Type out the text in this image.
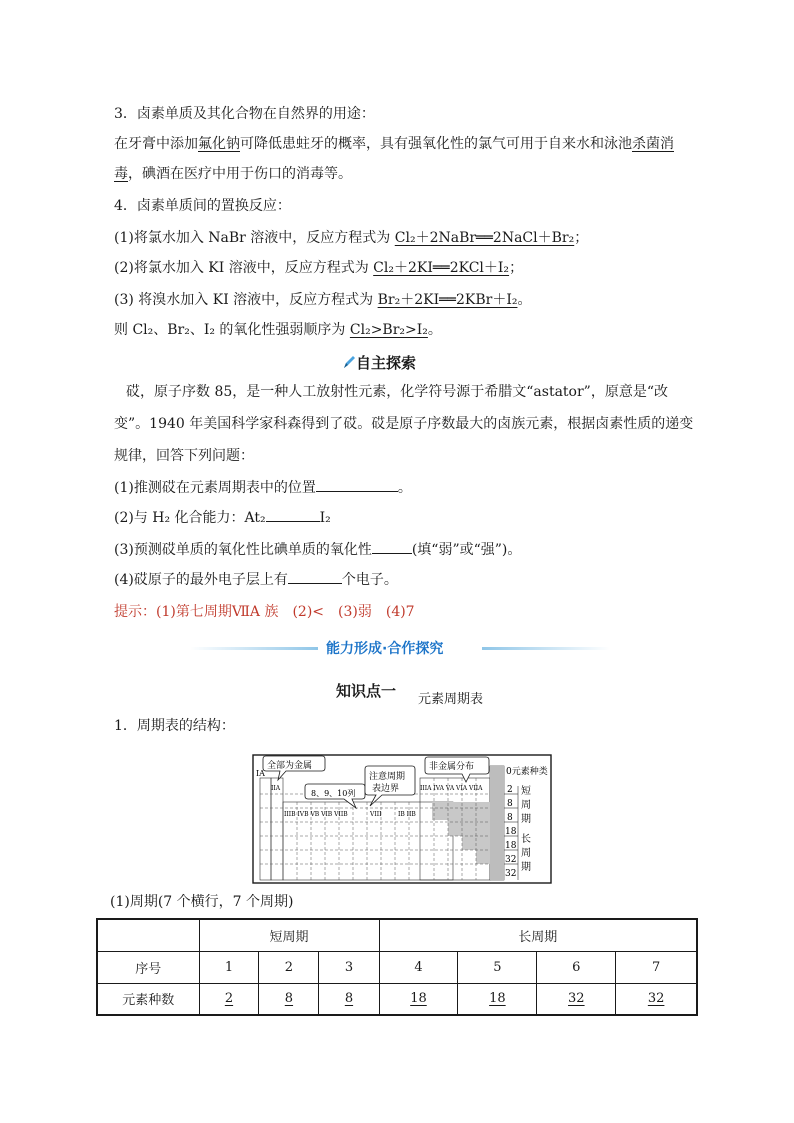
3．卤素单质及其化合物在自然界的用途：
在牙膏中添加氟化钠可降低患蛀牙的概率，具有强氧化性的氯气可用于自来水和泳池杀菌消
毒，碘酒在医疗中用于伤口的消毒等。
4．卤素单质间的置换反应：
(1)将氯水加入 NaBr 溶液中，反应方程式为 Cl₂＋2NaBr══2NaCl＋Br₂；
(2)将氯水加入 KI 溶液中，反应方程式为 Cl₂＋2KI══2KCl＋I₂；
(3) 将溴水加入 KI 溶液中，反应方程式为 Br₂＋2KI══2KBr＋I₂。
则 Cl₂、Br₂、I₂ 的氧化性强弱顺序为 Cl₂>Br₂>I₂。
自主探索
砹，原子序数 85，是一种人工放射性元素，化学符号源于希腊文“astator”，原意是“改
变”。1940 年美国科学家科森得到了砹。砹是原子序数最大的卤族元素，根据卤素性质的递变
规律，回答下列问题：
(1)推测砹在元素周期表中的位置	。
(2)与 H₂ 化合能力：At₂	I₂
(3)预测砹单质的氧化性比碘单质的氧化性	(填“弱”或“强”)。
(4)砹原子的最外电子层上有	个电子。
提示：(1)第七周期ⅦA 族　(2)<　(3)弱　(4)7
能力形成·合作探究
知识点一 元素周期表
1．周期表的结构：
IA
IIA
IIIB IVB VB VIB VIIB	VIII	IB IIB
IIIA IVA VA VIA VIIA
0元素种类
2
8
8
18
18
32
32
短
周
期
长
周
期
全部为金属
8、9、10列
注意周期
表边界
非金属分布
(1)周期(7 个横行，7 个周期)
	短周期			长周期			
序号	1	2	3	4	5	6	7
元素种数	2	8	8	18	18	32	32
